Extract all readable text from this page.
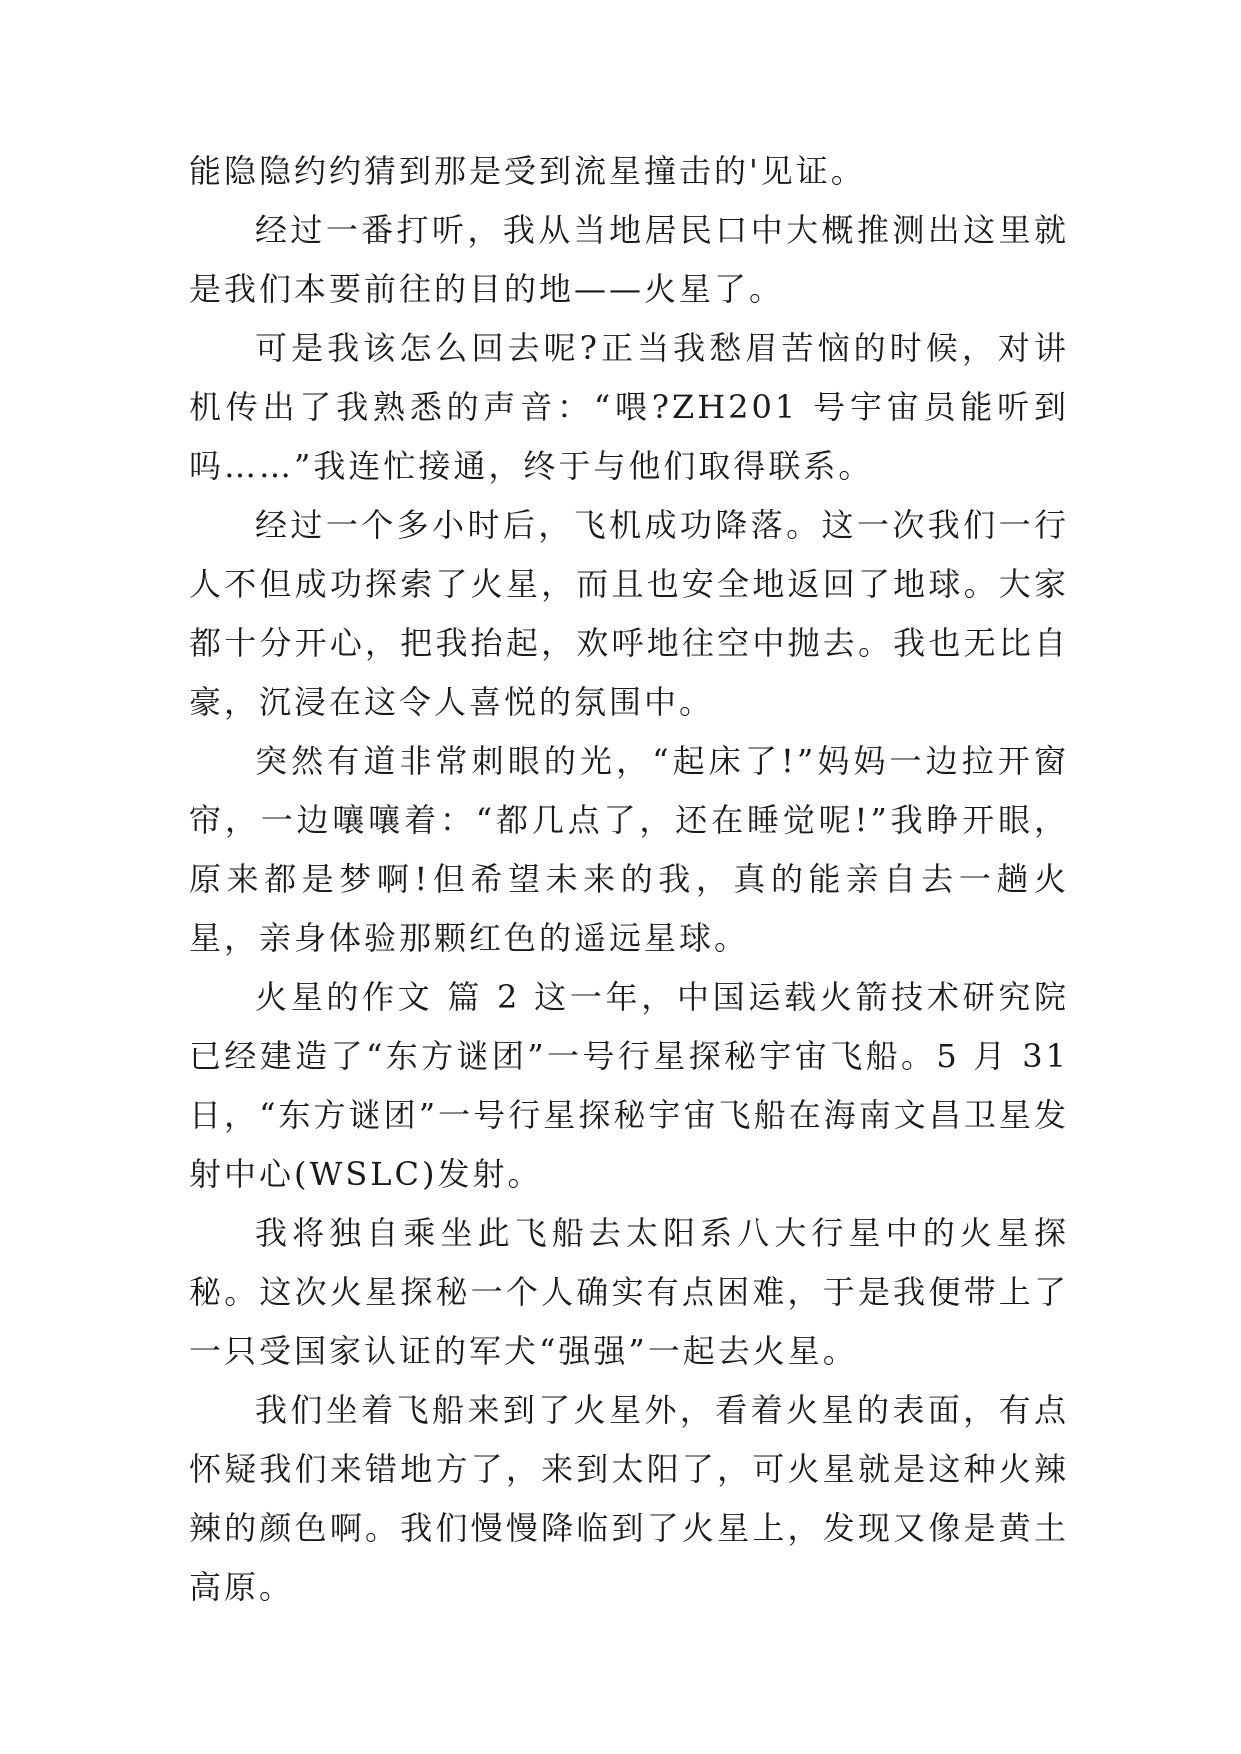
能隐隐约约猜到那是受到流星撞击的'见证。

经过一番打听，我从当地居民口中大概推测出这里就是我们本要前往的目的地——火星了。

可是我该怎么回去呢?正当我愁眉苦恼的时候，对讲机传出了我熟悉的声音：“喂?ZH201 号宇宙员能听到吗……”我连忙接通，终于与他们取得联系。

经过一个多小时后，飞机成功降落。这一次我们一行人不但成功探索了火星，而且也安全地返回了地球。大家都十分开心，把我抬起，欢呼地往空中抛去。我也无比自豪，沉浸在这令人喜悦的氛围中。

突然有道非常刺眼的光，“起床了!”妈妈一边拉开窗帘，一边嚷嚷着：“都几点了，还在睡觉呢!”我睁开眼，原来都是梦啊!但希望未来的我，真的能亲自去一趟火星，亲身体验那颗红色的遥远星球。

火星的作文 篇 2 这一年，中国运载火箭技术研究院已经建造了“东方谜团”一号行星探秘宇宙飞船。5 月 31 日，“东方谜团”一号行星探秘宇宙飞船在海南文昌卫星发射中心(WSLC)发射。

我将独自乘坐此飞船去太阳系八大行星中的火星探秘。这次火星探秘一个人确实有点困难，于是我便带上了一只受国家认证的军犬“强强”一起去火星。

我们坐着飞船来到了火星外，看着火星的表面，有点怀疑我们来错地方了，来到太阳了，可火星就是这种火辣辣的颜色啊。我们慢慢降临到了火星上，发现又像是黄土高原。
